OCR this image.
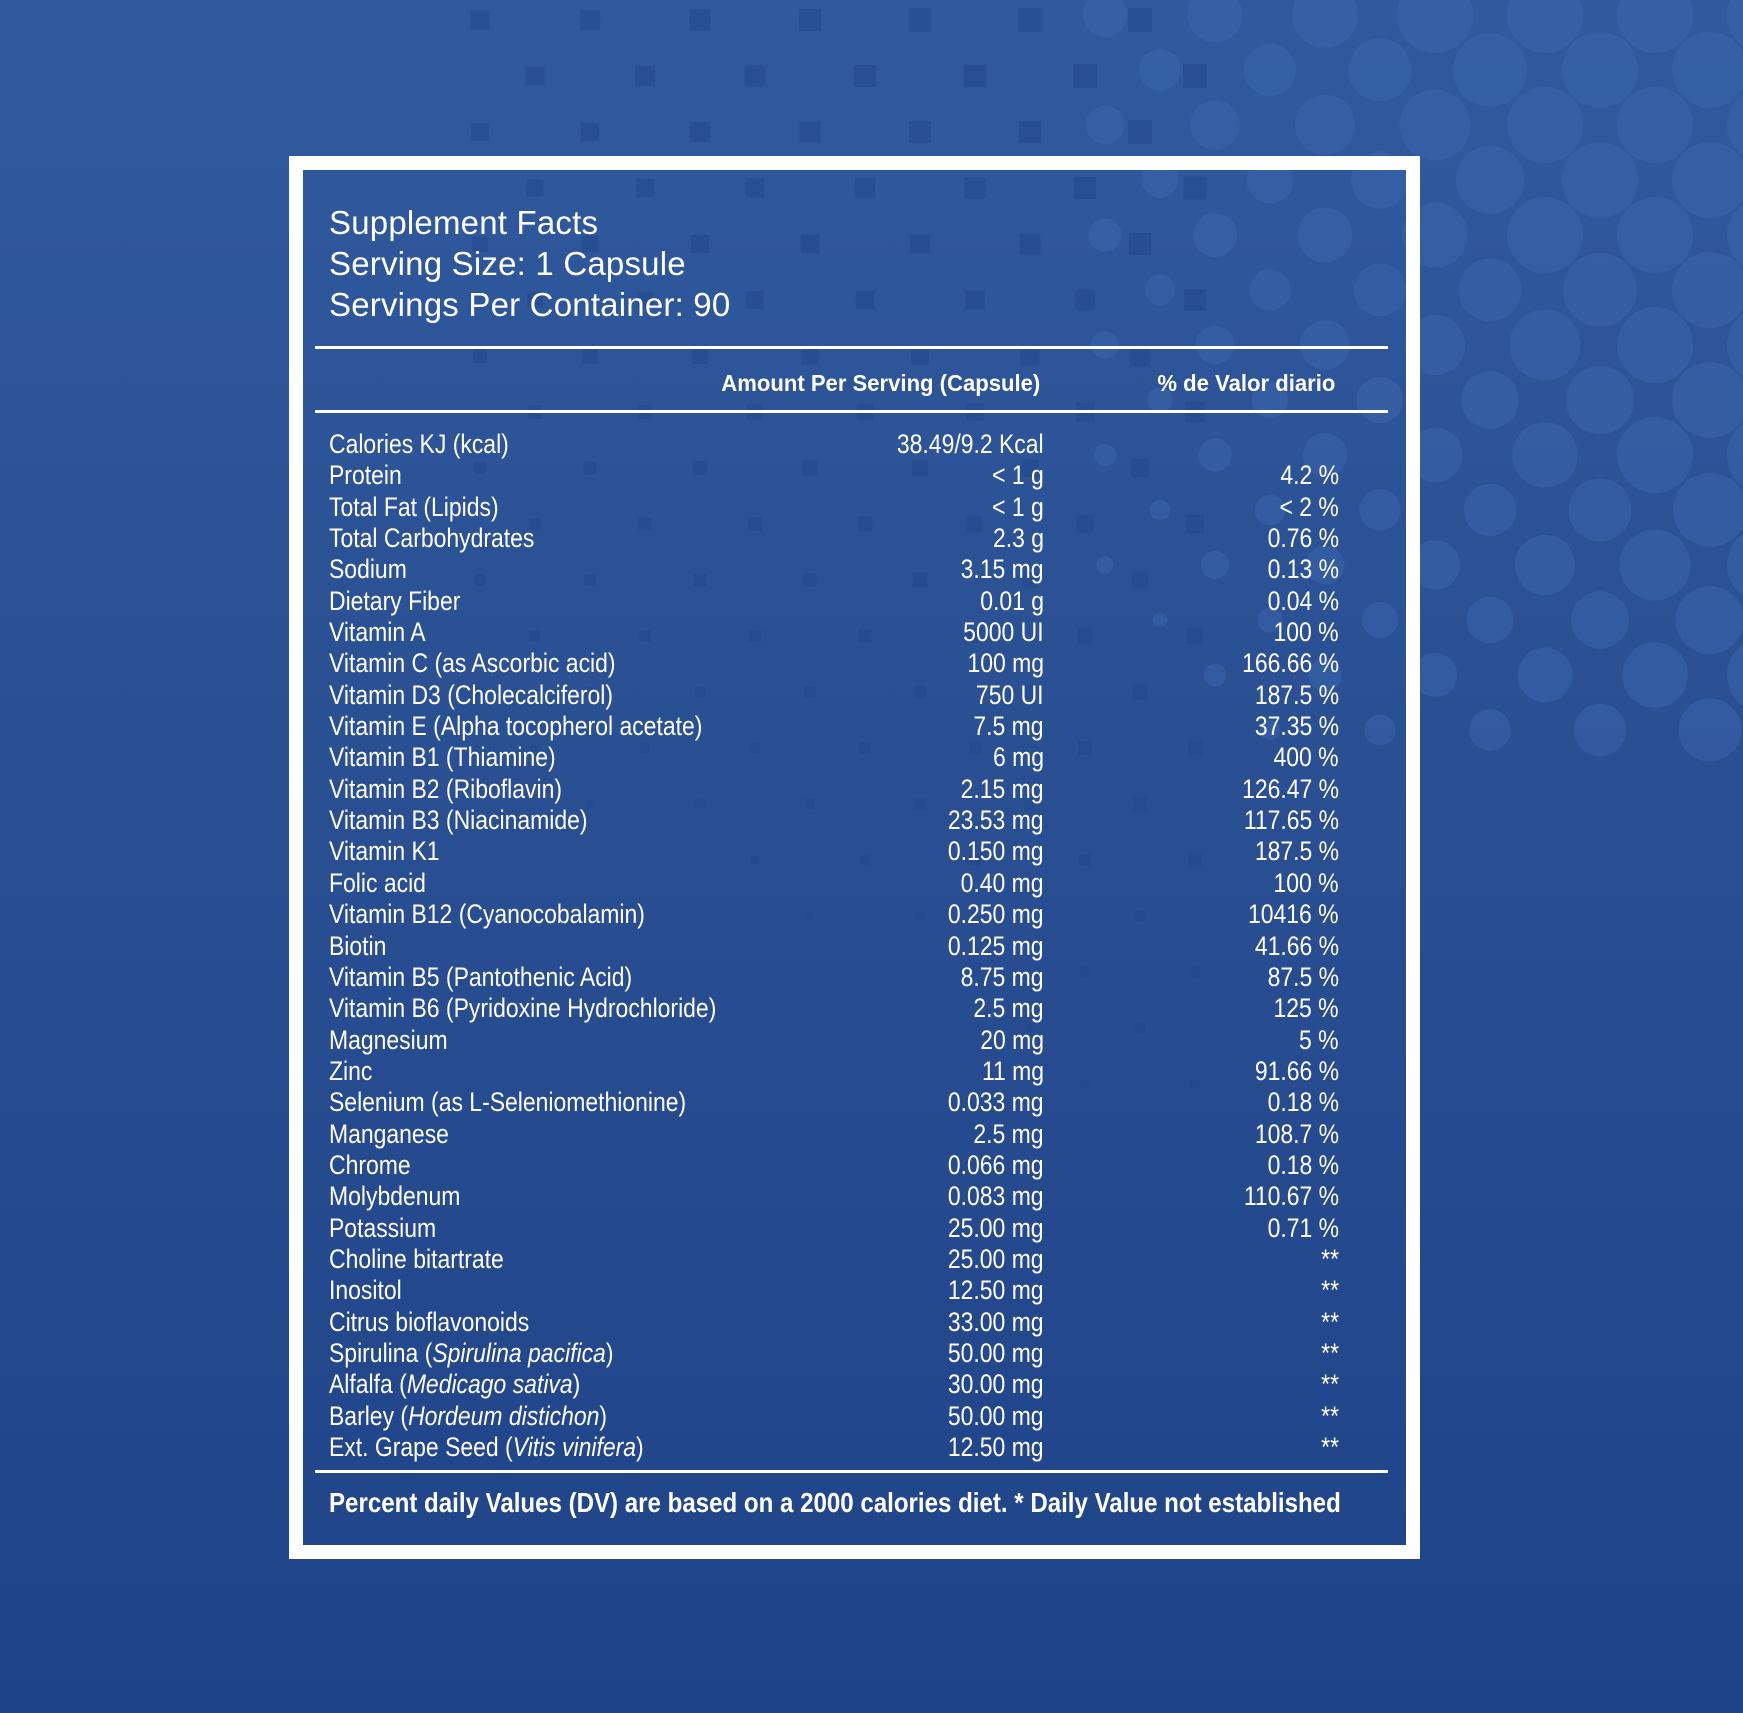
Supplement Facts
Serving Size: 1 Capsule
Servings Per Container: 90
Amount Per Serving (Capsule)	% de Valor diario
Calories KJ (kcal)	38.49/9.2 Kcal
Protein	< 1 g	4.2 %
Total Fat (Lipids)	< 1 g	< 2 %
Total Carbohydrates	2.3 g	0.76 %
Sodium	3.15 mg	0.13 %
Dietary Fiber	0.01 g	0.04 %
Vitamin A	5000 UI	100 %
Vitamin C (as Ascorbic acid)	100 mg	166.66 %
Vitamin D3 (Cholecalciferol)	750 UI	187.5 %
Vitamin E (Alpha tocopherol acetate)	7.5 mg	37.35 %
Vitamin B1 (Thiamine)	6 mg	400 %
Vitamin B2 (Riboflavin)	2.15 mg	126.47 %
Vitamin B3 (Niacinamide)	23.53 mg	117.65 %
Vitamin K1	0.150 mg	187.5 %
Folic acid	0.40 mg	100 %
Vitamin B12 (Cyanocobalamin)	0.250 mg	10416 %
Biotin	0.125 mg	41.66 %
Vitamin B5 (Pantothenic Acid)	8.75 mg	87.5 %
Vitamin B6 (Pyridoxine Hydrochloride)	2.5 mg	125 %
Magnesium	20 mg	5 %
Zinc	11 mg	91.66 %
Selenium (as L-Seleniomethionine)	0.033 mg	0.18 %
Manganese	2.5 mg	108.7 %
Chrome	0.066 mg	0.18 %
Molybdenum	0.083 mg	110.67 %
Potassium	25.00 mg	0.71 %
Choline bitartrate	25.00 mg	**
Inositol	12.50 mg	**
Citrus bioflavonoids	33.00 mg	**
Spirulina (Spirulina pacifica)	50.00 mg	**
Alfalfa (Medicago sativa)	30.00 mg	**
Barley (Hordeum distichon)	50.00 mg	**
Ext. Grape Seed (Vitis vinifera)	12.50 mg	**
Percent daily Values (DV) are based on a 2000 calories diet. * Daily Value not established
